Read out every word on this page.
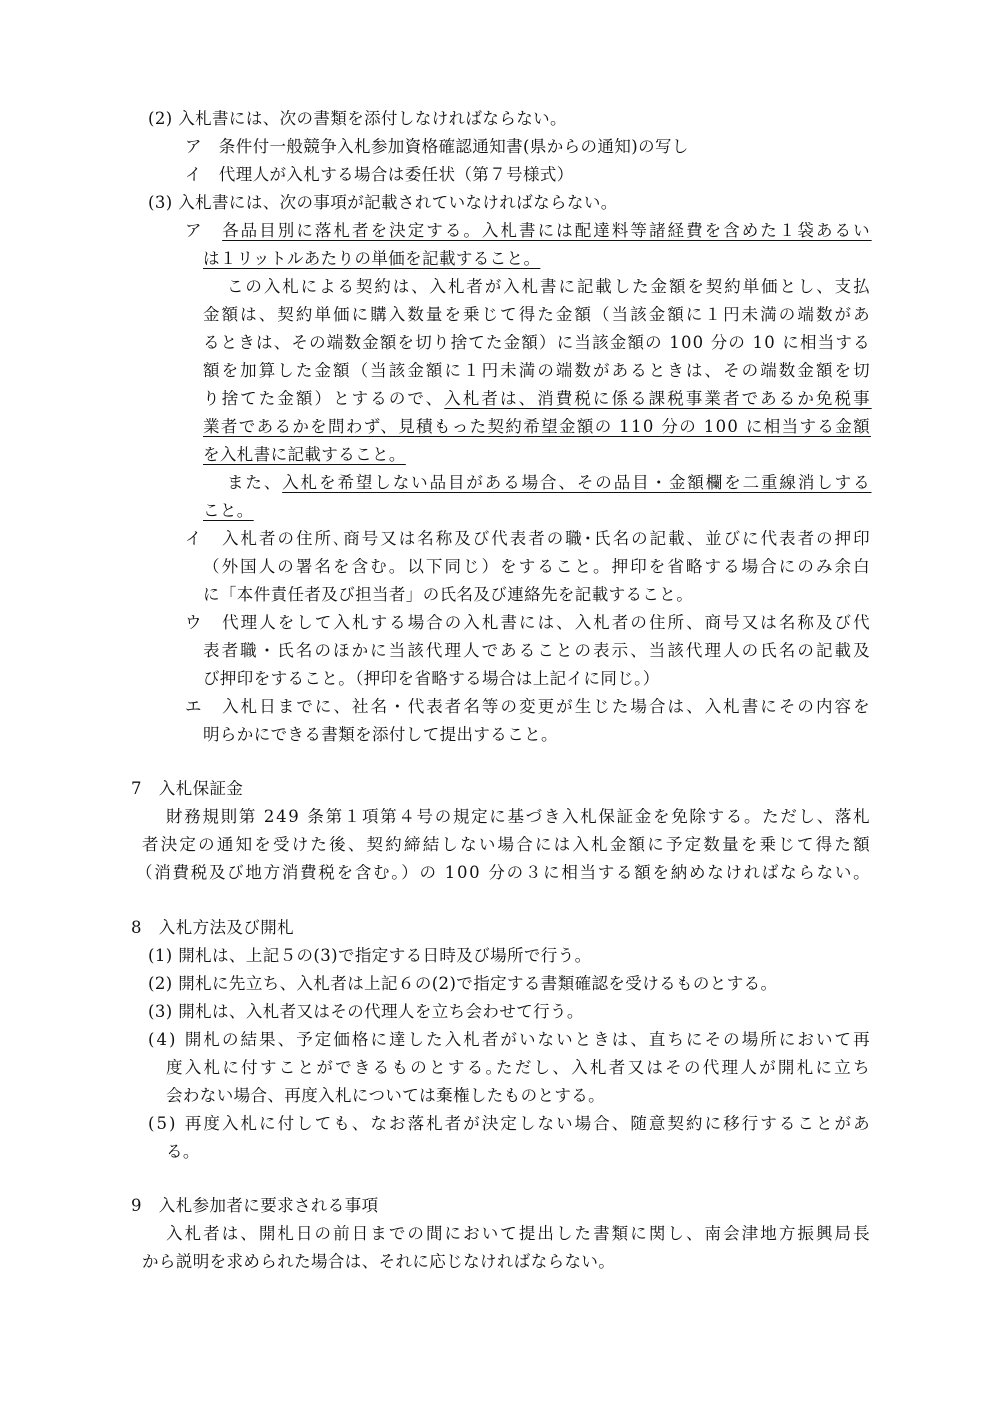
(2) 入札書には、次の書類を添付しなければならない。
ア　条件付一般競争入札参加資格確認通知書(県からの通知)の写し
イ　代理人が入札する場合は委任状（第７号様式）
(3) 入札書には、次の事項が記載されていなければならない。
ア　各品目別に落札者を決定する。入札書には配達料等諸経費を含めた１袋あるい
は１リットルあたりの単価を記載すること。
この入札による契約は、入札者が入札書に記載した金額を契約単価とし、支払
金額は、契約単価に購入数量を乗じて得た金額（当該金額に１円未満の端数があ
るときは、その端数金額を切り捨てた金額）に当該金額の 100 分の 10 に相当する
額を加算した金額（当該金額に１円未満の端数があるときは、その端数金額を切
り捨てた金額）とするので、入札者は、消費税に係る課税事業者であるか免税事
業者であるかを問わず、見積もった契約希望金額の 110 分の 100 に相当する金額
を入札書に記載すること。
また、入札を希望しない品目がある場合、その品目・金額欄を二重線消しする
こと。
イ　入札者の住所､商号又は名称及び代表者の職･氏名の記載、並びに代表者の押印
（外国人の署名を含む。以下同じ）をすること。押印を省略する場合にのみ余白
に「本件責任者及び担当者」の氏名及び連絡先を記載すること。
ウ　代理人をして入札する場合の入札書には、入札者の住所、商号又は名称及び代
表者職・氏名のほかに当該代理人であることの表示、当該代理人の氏名の記載及
び押印をすること。（押印を省略する場合は上記イに同じ。）
エ　入札日までに、社名・代表者名等の変更が生じた場合は、入札書にその内容を
明らかにできる書類を添付して提出すること。
7　入札保証金
財務規則第 249 条第１項第４号の規定に基づき入札保証金を免除する。ただし、落札
者決定の通知を受けた後、契約締結しない場合には入札金額に予定数量を乗じて得た額
（消費税及び地方消費税を含む。）の 100 分の３に相当する額を納めなければならない。
8　入札方法及び開札
(1) 開札は、上記５の(3)で指定する日時及び場所で行う。
(2) 開札に先立ち、入札者は上記６の(2)で指定する書類確認を受けるものとする。
(3) 開札は、入札者又はその代理人を立ち会わせて行う。
(4) 開札の結果、予定価格に達した入札者がいないときは、直ちにその場所において再
度入札に付すことができるものとする｡ただし、入札者又はその代理人が開札に立ち
会わない場合、再度入札については棄権したものとする。
(5) 再度入札に付しても、なお落札者が決定しない場合、随意契約に移行することがあ
る。
9　入札参加者に要求される事項
入札者は、開札日の前日までの間において提出した書類に関し、南会津地方振興局長
から説明を求められた場合は、それに応じなければならない。
